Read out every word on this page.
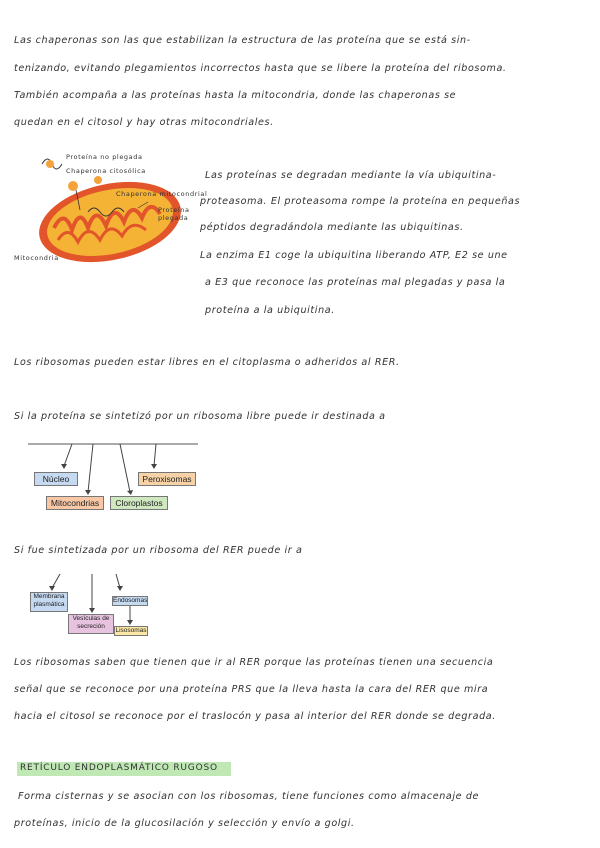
Las chaperonas son las que estabilizan la estructura de las proteína que se está sin-
tenizando, evitando plegamientos incorrectos hasta que se libere la proteína del ribosoma.
También acompaña a las proteínas hasta la mitocondria, donde las chaperonas se
quedan en el citosol y hay otras mitocondriales.
Proteína no plegada
Chaperona citosólica
Chaperona mitocondrial
Proteína plegada
Mitocondria
Las proteínas se degradan mediante la vía ubiquitina-
proteasoma. El proteasoma rompe la proteína en pequeñas
péptidos degradándola mediante las ubiquitinas.
La enzima E1 coge la ubiquitina liberando ATP, E2 se une
a E3 que reconoce las proteínas mal plegadas y pasa la
proteína a la ubiquitina.
Los ribosomas pueden estar libres en el citoplasma o adheridos al RER.
Si la proteína se sintetizó por un ribosoma libre puede ir destinada a
Núcleo	Peroxisomas
Mitocondrias	Cloroplastos
Si fue sintetizada por un ribosoma del RER puede ir a
Membrana plasmática
Endosomas
Vesículas de secreción
Lisosomas
Los ribosomas saben que tienen que ir al RER porque las proteínas tienen una secuencia
señal que se reconoce por una proteína PRS que la lleva hasta la cara del RER que mira
hacia el citosol se reconoce por el traslocón y pasa al interior del RER donde se degrada.
RETÍCULO ENDOPLASMÁTICO RUGOSO
Forma cisternas y se asocian con los ribosomas, tiene funciones como almacenaje de
proteínas, inicio de la glucosilación y selección y envío a golgi.
